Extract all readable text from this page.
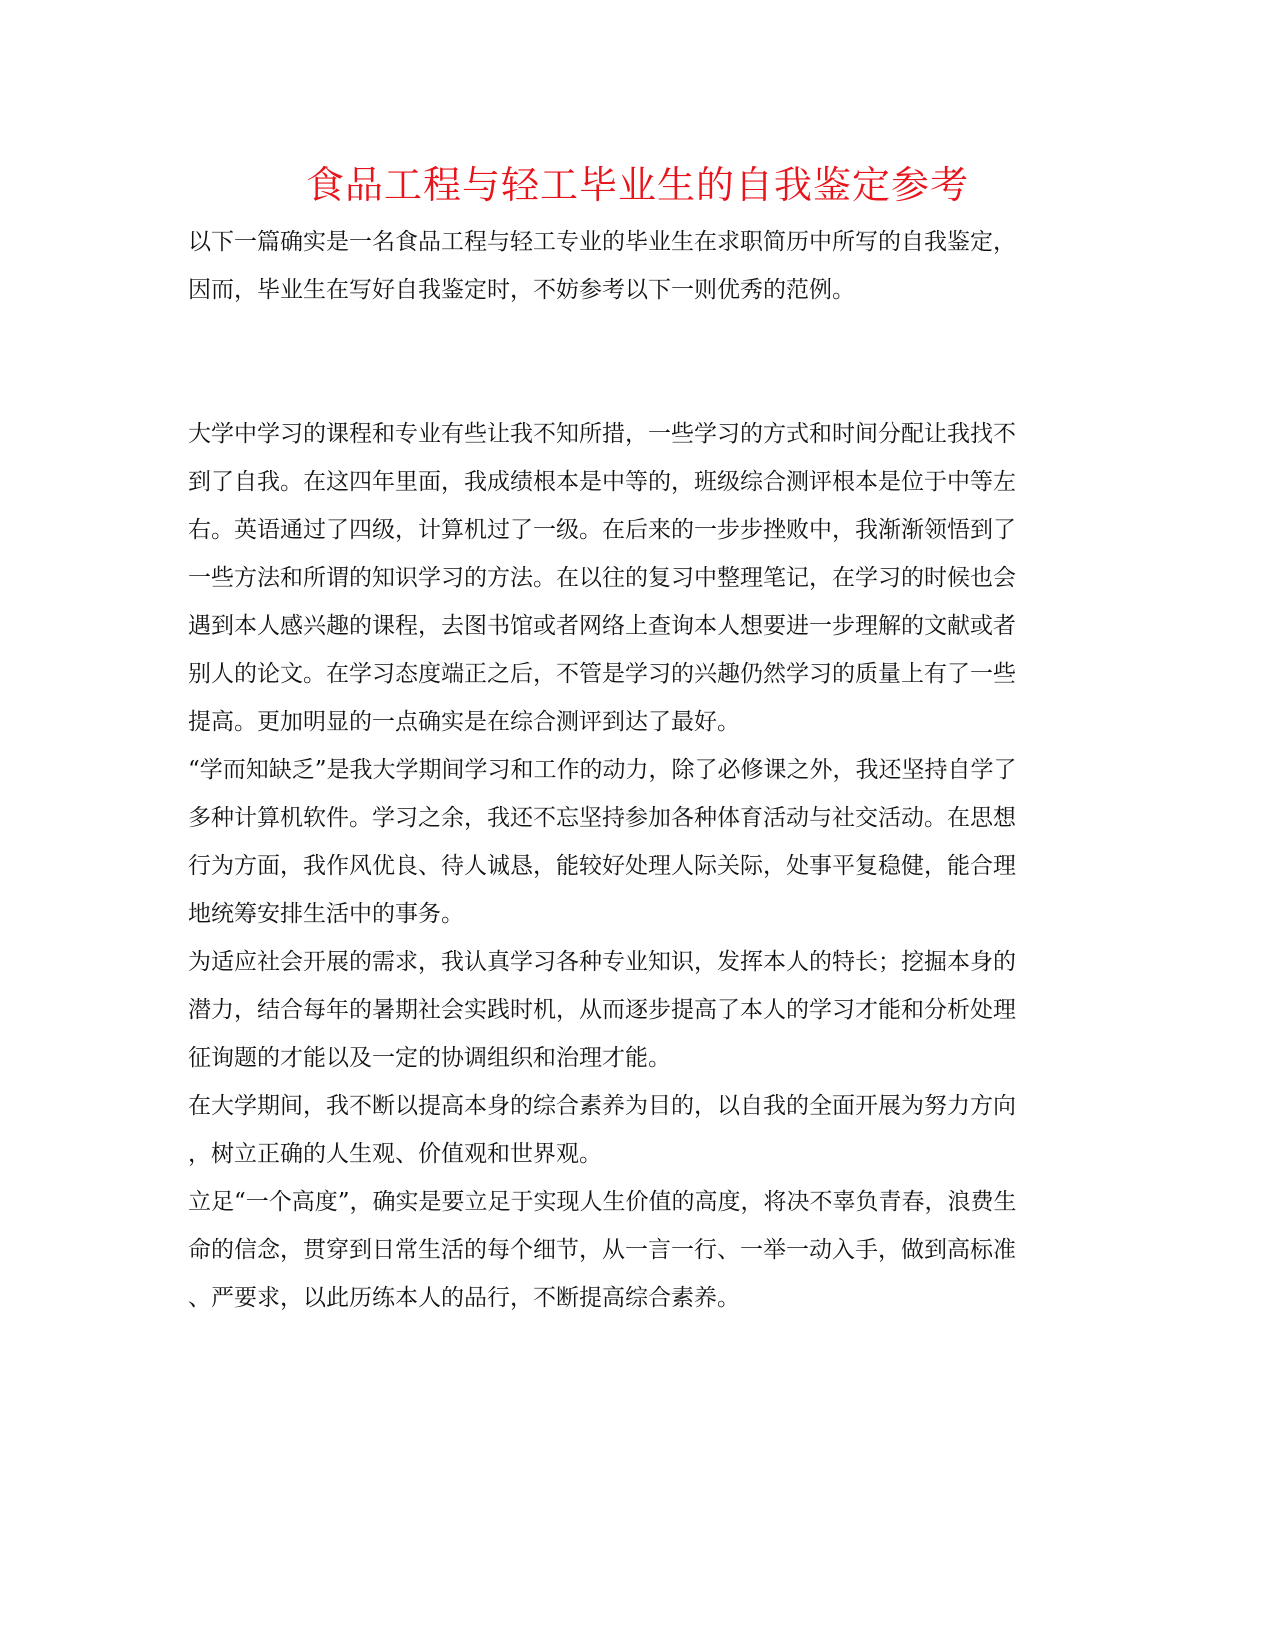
食品工程与轻工毕业生的自我鉴定参考
以下一篇确实是一名食品工程与轻工专业的毕业生在求职简历中所写的自我鉴定，
因而，毕业生在写好自我鉴定时，不妨参考以下一则优秀的范例。
大学中学习的课程和专业有些让我不知所措，一些学习的方式和时间分配让我找不
到了自我。在这四年里面，我成绩根本是中等的，班级综合测评根本是位于中等左
右。英语通过了四级，计算机过了一级。在后来的一步步挫败中，我渐渐领悟到了
一些方法和所谓的知识学习的方法。在以往的复习中整理笔记，在学习的时候也会
遇到本人感兴趣的课程，去图书馆或者网络上查询本人想要进一步理解的文献或者
别人的论文。在学习态度端正之后，不管是学习的兴趣仍然学习的质量上有了一些
提高。更加明显的一点确实是在综合测评到达了最好。
“学而知缺乏”是我大学期间学习和工作的动力，除了必修课之外，我还坚持自学了
多种计算机软件。学习之余，我还不忘坚持参加各种体育活动与社交活动。在思想
行为方面，我作风优良、待人诚恳，能较好处理人际关际，处事平复稳健，能合理
地统筹安排生活中的事务。
为适应社会开展的需求，我认真学习各种专业知识，发挥本人的特长；挖掘本身的
潜力，结合每年的暑期社会实践时机，从而逐步提高了本人的学习才能和分析处理
征询题的才能以及一定的协调组织和治理才能。
在大学期间，我不断以提高本身的综合素养为目的，以自我的全面开展为努力方向
，树立正确的人生观、价值观和世界观。
立足“一个高度”，确实是要立足于实现人生价值的高度，将决不辜负青春，浪费生
命的信念，贯穿到日常生活的每个细节，从一言一行、一举一动入手，做到高标准
、严要求，以此历练本人的品行，不断提高综合素养。
